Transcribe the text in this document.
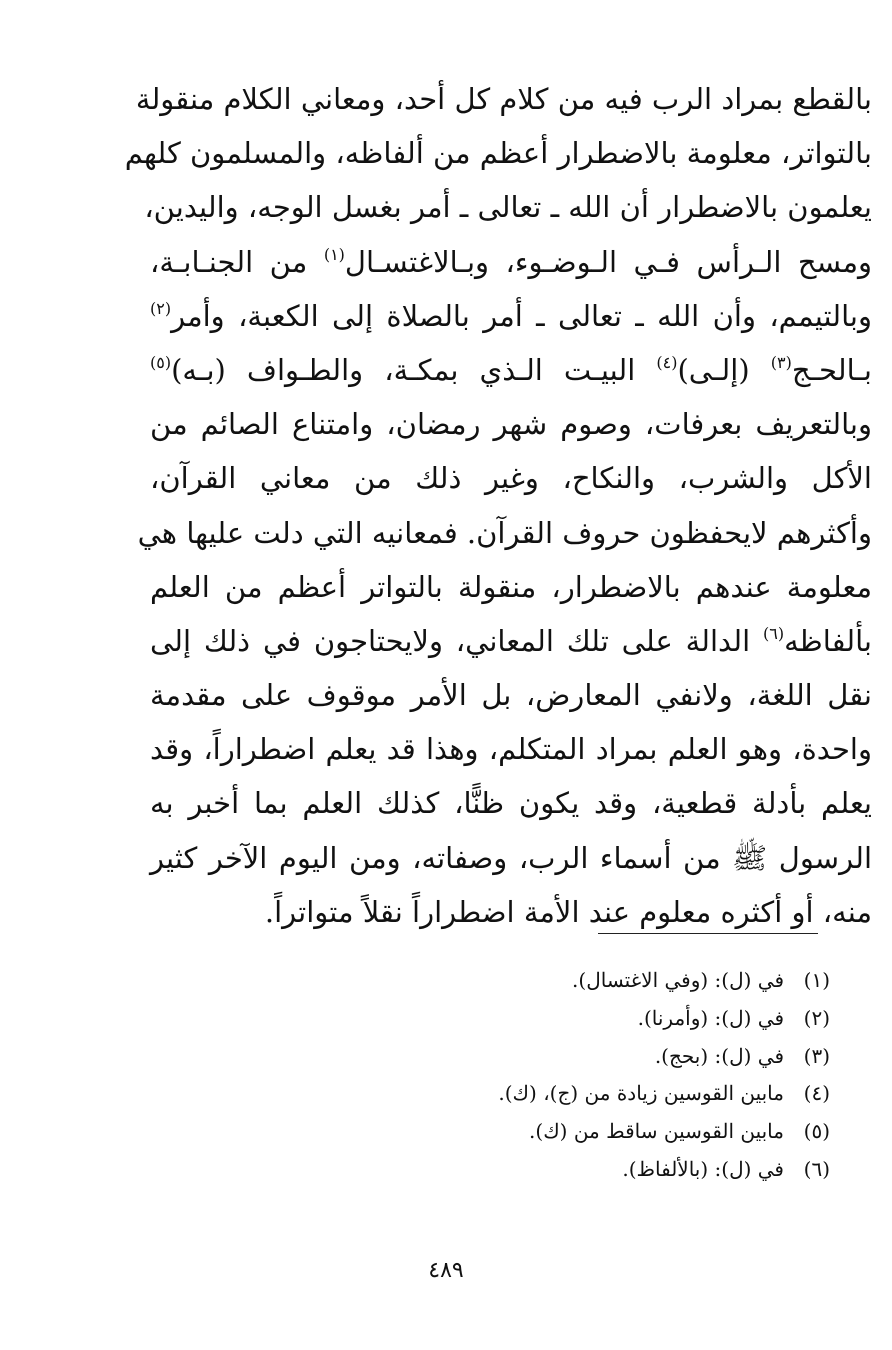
بالقطع بمراد الرب فيه من كلام كل أحد، ومعاني الكلام منقولة
بالتواتر، معلومة بالاضطرار أعظم من ألفاظه، والمسلمون كلهم
يعلمون بالاضطرار أن الله ـ تعالى ـ أمر بغسل الوجه، واليدين،
ومسح الـرأس فـي الـوضـوء، وبـالاغتسـال$^{(١)}$ من الجنـابـة،
وبالتيمم، وأن الله ـ تعالى ـ أمر بالصلاة إلى الكعبة، وأمر$^{(٢)}$
بـالحـج$^{(٣)}$ (إلـى)$^{(٤)}$ البيـت الـذي بمكـة، والطـواف (بـه)$^{(٥)}$
وبالتعريف بعرفات، وصوم شهر رمضان، وامتناع الصائم من
الأكل والشرب، والنكاح، وغير ذلك من معاني القرآن،
وأكثرهم لايحفظون حروف القرآن. فمعانيه التي دلت عليها هي
معلومة عندهم بالاضطرار، منقولة بالتواتر أعظم من العلم
بألفاظه$^{(٦)}$ الدالة على تلك المعاني، ولايحتاجون في ذلك إلى
نقل اللغة، ولانفي المعارض، بل الأمر موقوف على مقدمة
واحدة، وهو العلم بمراد المتكلم، وهذا قد يعلم اضطراراً، وقد
يعلم بأدلة قطعية، وقد يكون ظنًّا، كذلك العلم بما أخبر به
الرسول ﷺ من أسماء الرب، وصفاته، ومن اليوم الآخر كثير
منه، أو أكثره معلوم عند الأمة اضطراراً نقلاً متواتراً.
(١)
في (ل): (وفي الاغتسال).
(٢)
في (ل): (وأمرنا).
(٣)
في (ل): (بحج).
(٤)
مابين القوسين زيادة من (ج)، (ك).
(٥)
مابين القوسين ساقط من (ك).
(٦)
في (ل): (بالألفاظ).
٤٨٩
